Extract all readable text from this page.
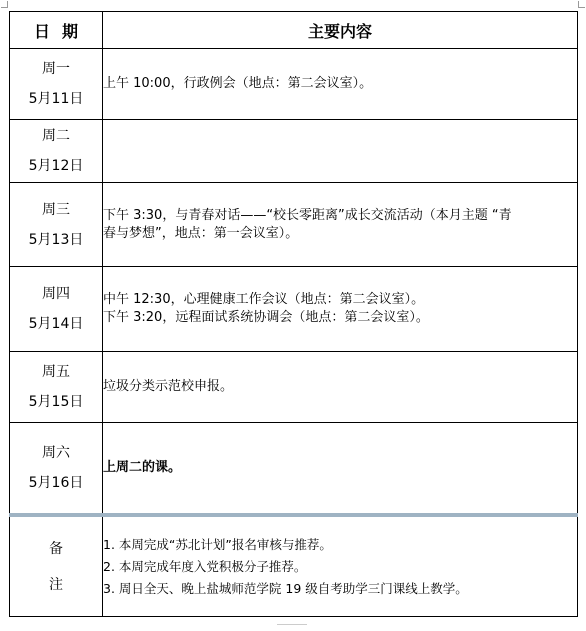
日期	主要内容

周一
5月11日	上午 10:00，行政例会（地点：第二会议室）。

周二
5月12日	

周三
5月13日	下午 3:30，与青春对话——“校长零距离”成长交流活动（本月主题 “青
春与梦想”，地点：第一会议室）。

周四
5月14日	中午 12:30，心理健康工作会议（地点：第二会议室）。
下午 3:20，远程面试系统协调会（地点：第二会议室）。

周五
5月15日	垃圾分类示范校申报。

周六
5月16日	上周二的课。

备
注	1. 本周完成“苏北计划”报名审核与推荐。
2. 本周完成年度入党积极分子推荐。
3. 周日全天、晚上盐城师范学院 19 级自考助学三门课线上教学。
